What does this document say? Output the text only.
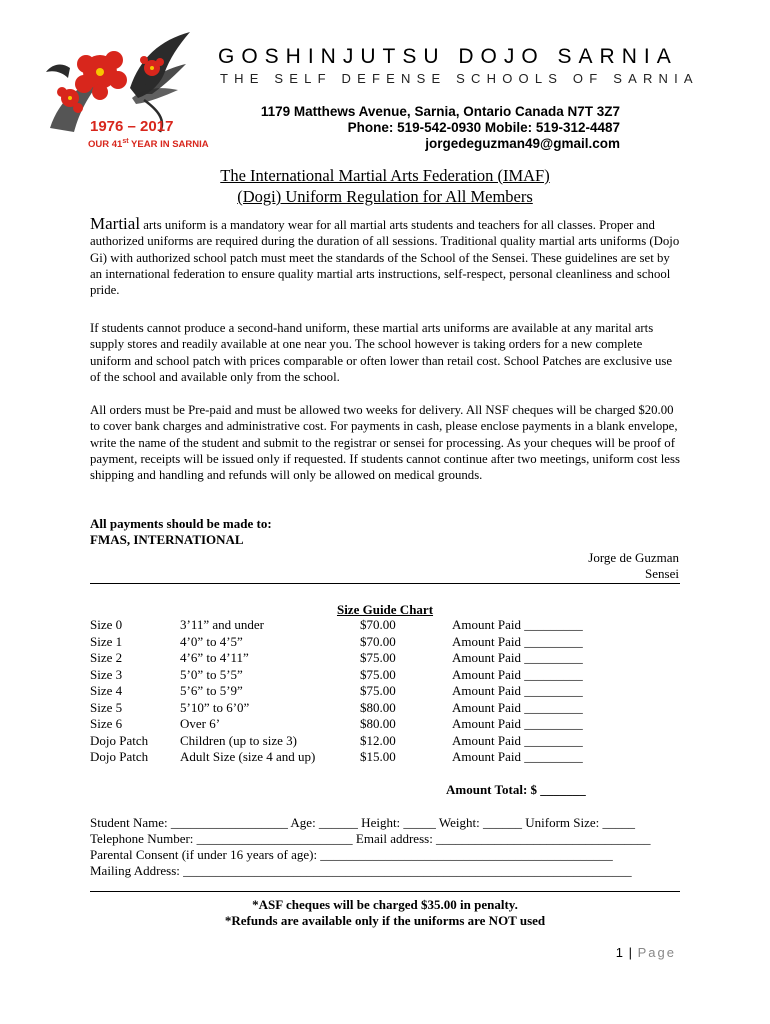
1976 – 2017
OUR 41st YEAR IN SARNIA
GOSHINJUTSU DOJO SARNIA
THE SELF DEFENSE SCHOOLS OF SARNIA
1179 Matthews Avenue, Sarnia, Ontario Canada N7T 3Z7
Phone: 519-542-0930 Mobile: 519-312-4487
jorgedeguzman49@gmail.com
The International Martial Arts Federation (IMAF)
(Dogi) Uniform Regulation for All Members

Martial arts uniform is a mandatory wear for all martial arts students and teachers for all classes. Proper and authorized uniforms are required during the duration of all sessions. Traditional quality martial arts uniforms (Dojo Gi) with authorized school patch must meet the standards of the School of the Sensei. These guidelines are set by an international federation to ensure quality martial arts instructions, self-respect, personal cleanliness and school pride.

If students cannot produce a second-hand uniform, these martial arts uniforms are available at any marital arts supply stores and readily available at one near you. The school however is taking orders for a new complete uniform and school patch with prices comparable or often lower than retail cost. School Patches are exclusive use of the school and available only from the school.

All orders must be Pre-paid and must be allowed two weeks for delivery. All NSF cheques will be charged $20.00 to cover bank charges and administrative cost. For payments in cash, please enclose payments in a blank envelope, write the name of the student and submit to the registrar or sensei for processing. As your cheques will be proof of payment, receipts will be issued only if requested. If students cannot continue after two meetings, uniform cost less shipping and handling and refunds will only be allowed on medical grounds.

All payments should be made to:
FMAS, INTERNATIONAL
Jorge de Guzman
Sensei
Size Guide Chart
Size 0	3’11” and under	$70.00	Amount Paid _________
Size 1	4’0” to 4’5”	$70.00	Amount Paid _________
Size 2	4’6” to 4’11”	$75.00	Amount Paid _________
Size 3	5’0” to 5’5”	$75.00	Amount Paid _________
Size 4	5’6” to 5’9”	$75.00	Amount Paid _________
Size 5	5’10” to 6’0”	$80.00	Amount Paid _________
Size 6	Over 6’	$80.00	Amount Paid _________
Dojo Patch	Children (up to size 3)	$12.00	Amount Paid _________
Dojo Patch	Adult Size (size 4 and up)	$15.00	Amount Paid _________
Amount Total: $ _______
Student Name: __________________ Age: ______ Height: _____ Weight: ______ Uniform Size: _____
Telephone Number: ________________________ Email address: _________________________________
Parental Consent (if under 16 years of age): _____________________________________________
Mailing Address: _____________________________________________________________________
*ASF cheques will be charged $35.00 in penalty.
*Refunds are available only if the uniforms are NOT used
1 | Page
